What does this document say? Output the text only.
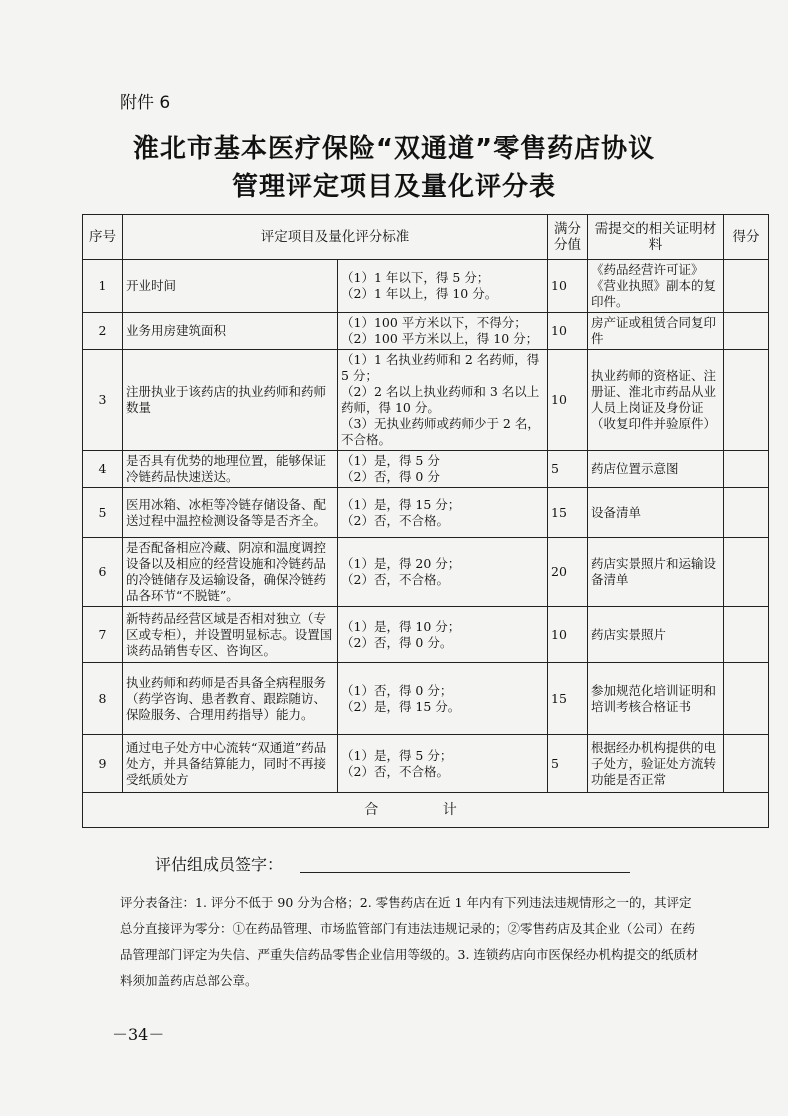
附件 6
淮北市基本医疗保险“双通道”零售药店协议
管理评定项目及量化评分表
序号	评定项目及量化评分标准		满分分值	需提交的相关证明材料	得分
1	开业时间	（1）1 年以下，得 5 分；
（2）1 年以上，得 10 分。	10	《药品经营许可证》《营业执照》副本的复印件。	
2	业务用房建筑面积	（1）100 平方米以下，不得分；
（2）100 平方米以上，得 10 分；	10	房产证或租赁合同复印件	
3	注册执业于该药店的执业药师和药师数量	（1）1 名执业药师和 2 名药师，得 5 分；
（2）2 名以上执业药师和 3 名以上药师，得 10 分。
（3）无执业药师或药师少于 2 名，不合格。	10	执业药师的资格证、注册证、淮北市药品从业人员上岗证及身份证（收复印件并验原件）	
4	是否具有优势的地理位置，能够保证冷链药品快速送达。	（1）是，得 5 分
（2）否，得 0 分	5	药店位置示意图	
5	医用冰箱、冰柜等冷链存储设备、配送过程中温控检测设备等是否齐全。	（1）是，得 15 分；
（2）否，不合格。	15	设备清单	
6	是否配备相应冷藏、阴凉和温度调控设备以及相应的经营设施和冷链药品的冷链储存及运输设备，确保冷链药品各环节“不脱链”。	（1）是，得 20 分；
（2）否，不合格。	20	药店实景照片和运输设备清单	
7	新特药品经营区域是否相对独立（专区或专柜），并设置明显标志。设置国谈药品销售专区、咨询区。	（1）是，得 10 分；
（2）否，得 0 分。	10	药店实景照片	
8	执业药师和药师是否具备全病程服务（药学咨询、患者教育、跟踪随访、保险服务、合理用药指导）能力。	（1）否，得 0 分；
（2）是，得 15 分。	15	参加规范化培训证明和培训考核合格证书	
9	通过电子处方中心流转“双通道”药品处方，并具备结算能力，同时不再接受纸质处方	（1）是，得 5 分；
（2）否，不合格。	5	根据经办机构提供的电子处方，验证处方流转功能是否正常	
合 计					
评估组成员签字：
评分表备注：1. 评分不低于 90 分为合格；2. 零售药店在近 1 年内有下列违法违规情形之一的，其评定总分直接评为零分：①在药品管理、市场监管部门有违法违规记录的；②零售药店及其企业（公司）在药品管理部门评定为失信、严重失信药品零售企业信用等级的。3. 连锁药店向市医保经办机构提交的纸质材料须加盖药店总部公章。
－34－
